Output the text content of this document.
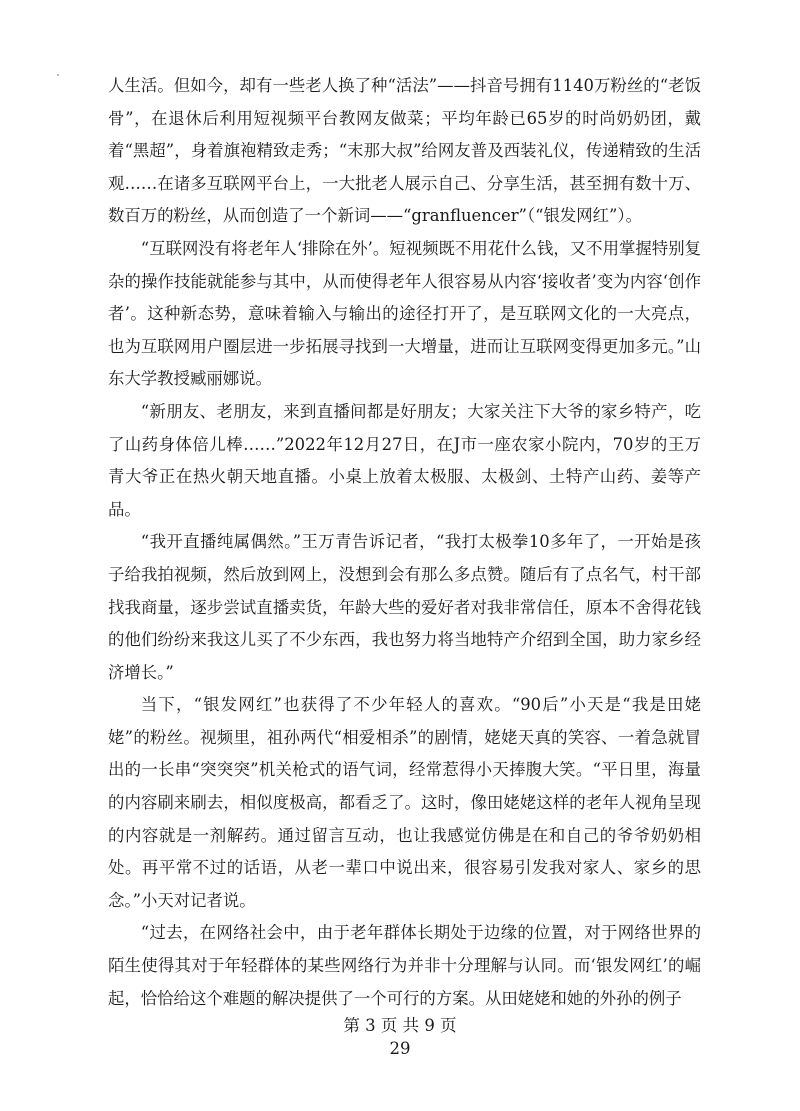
人生活。但如今，却有一些老人换了种“活法”——抖音号拥有1140万粉丝的“老饭骨”，在退休后利用短视频平台教网友做菜；平均年龄已65岁的时尚奶奶团，戴着“黑超”，身着旗袍精致走秀；“末那大叔”给网友普及西装礼仪，传递精致的生活观……在诸多互联网平台上，一大批老人展示自己、分享生活，甚至拥有数十万、数百万的粉丝，从而创造了一个新词——“granfluencer”（“银发网红”）。

“互联网没有将老年人‘排除在外’。短视频既不用花什么钱，又不用掌握特别复杂的操作技能就能参与其中，从而使得老年人很容易从内容‘接收者’变为内容‘创作者’。这种新态势，意味着输入与输出的途径打开了，是互联网文化的一大亮点，也为互联网用户圈层进一步拓展寻找到一大增量，进而让互联网变得更加多元。”山东大学教授臧丽娜说。

“新朋友、老朋友，来到直播间都是好朋友；大家关注下大爷的家乡特产，吃了山药身体倍儿棒……”2022年12月27日，在J市一座农家小院内，70岁的王万青大爷正在热火朝天地直播。小桌上放着太极服、太极剑、土特产山药、姜等产品。

“我开直播纯属偶然。”王万青告诉记者，“我打太极拳10多年了，一开始是孩子给我拍视频，然后放到网上，没想到会有那么多点赞。随后有了点名气，村干部找我商量，逐步尝试直播卖货，年龄大些的爱好者对我非常信任，原本不舍得花钱的他们纷纷来我这儿买了不少东西，我也努力将当地特产介绍到全国，助力家乡经济增长。”

当下，“银发网红”也获得了不少年轻人的喜欢。“90后”小天是“我是田姥姥”的粉丝。视频里，祖孙两代“相爱相杀”的剧情，姥姥天真的笑容、一着急就冒出的一长串“突突突”机关枪式的语气词，经常惹得小天捧腹大笑。“平日里，海量的内容刷来刷去，相似度极高，都看乏了。这时，像田姥姥这样的老年人视角呈现的内容就是一剂解药。通过留言互动，也让我感觉仿佛是在和自己的爷爷奶奶相处。再平常不过的话语，从老一辈口中说出来，很容易引发我对家人、家乡的思念。”小天对记者说。

“过去，在网络社会中，由于老年群体长期处于边缘的位置，对于网络世界的陌生使得其对于年轻群体的某些网络行为并非十分理解与认同。而‘银发网红’的崛起，恰恰给这个难题的解决提供了一个可行的方案。从田姥姥和她的外孙的例子

第 3 页 共 9 页
29
